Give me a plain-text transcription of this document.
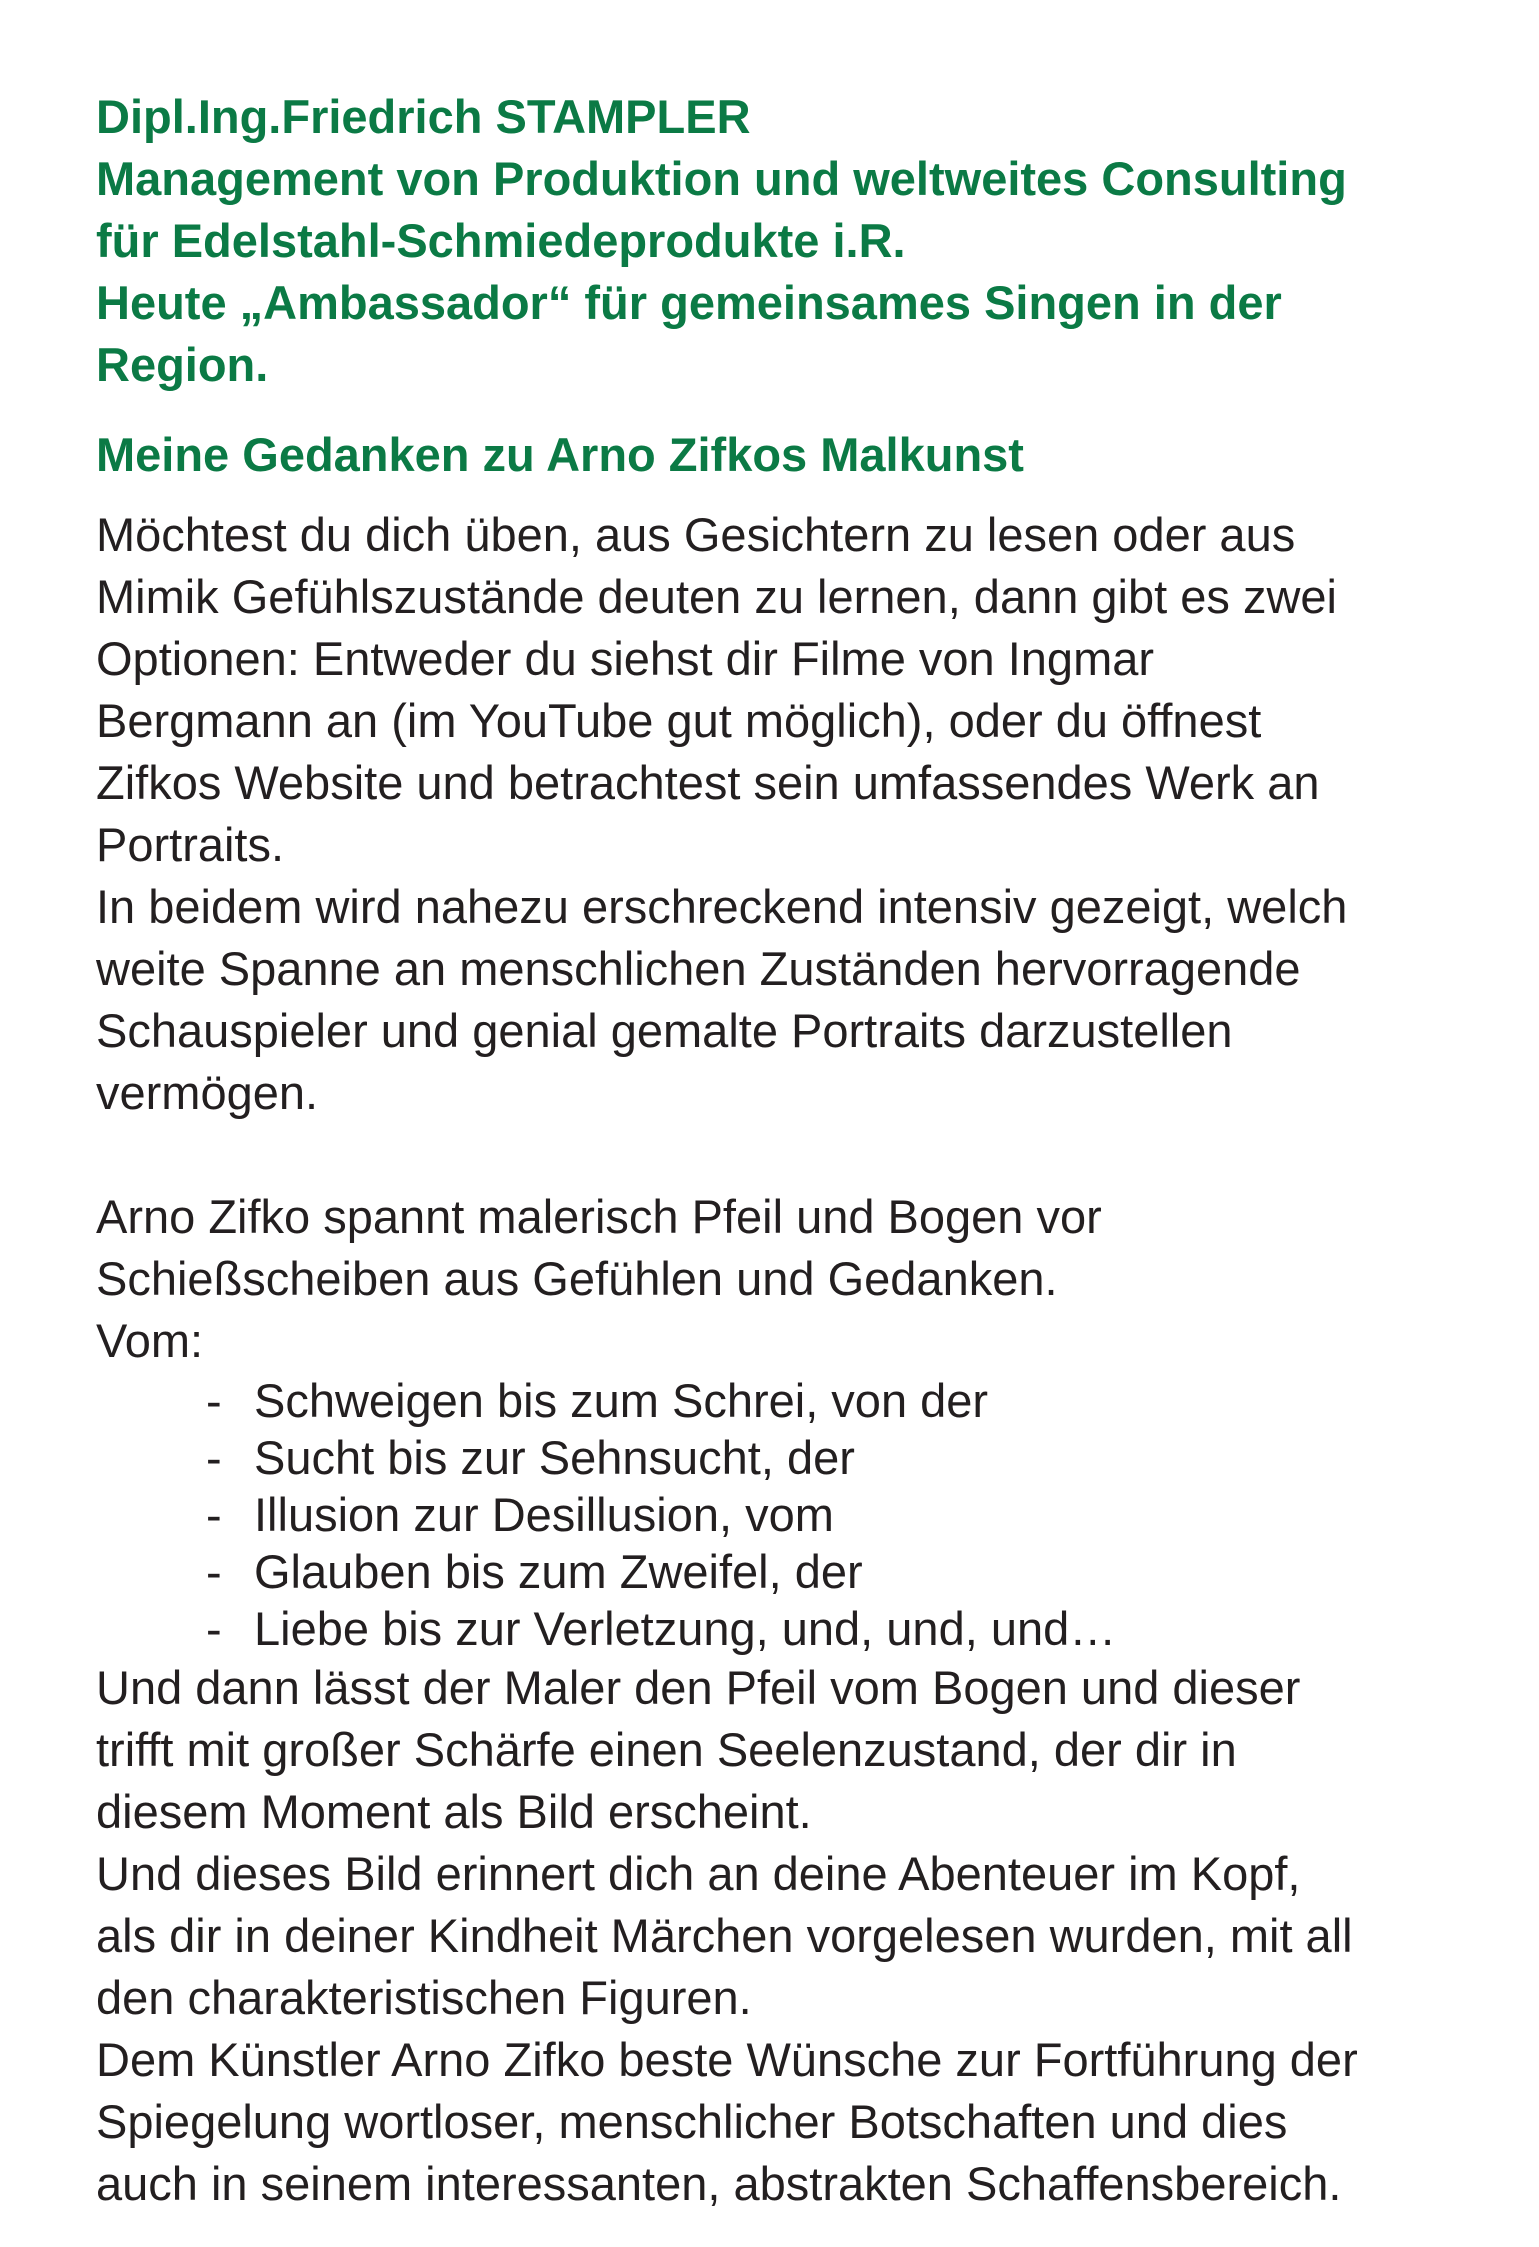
Dipl.Ing.Friedrich STAMPLER
Management von Produktion und weltweites Consulting
für Edelstahl-Schmiedeprodukte i.R.
Heute „Ambassador“ für gemeinsames Singen in der
Region.
Meine Gedanken zu Arno Zifkos Malkunst

Möchtest du dich üben, aus Gesichtern zu lesen oder aus
Mimik Gefühlszustände deuten zu lernen, dann gibt es zwei
Optionen: Entweder du siehst dir Filme von Ingmar
Bergmann an (im YouTube gut möglich), oder du öffnest
Zifkos Website und betrachtest sein umfassendes Werk an
Portraits.

In beidem wird nahezu erschreckend intensiv gezeigt, welch
weite Spanne an menschlichen Zuständen hervorragende
Schauspieler und genial gemalte Portraits darzustellen
vermögen.

Arno Zifko spannt malerisch Pfeil und Bogen vor
Schießscheiben aus Gefühlen und Gedanken.
Vom:

- Schweigen bis zum Schrei, von der
- Sucht bis zur Sehnsucht, der
- Illusion zur Desillusion, vom
- Glauben bis zum Zweifel, der
- Liebe bis zur Verletzung, und, und, und…

Und dann lässt der Maler den Pfeil vom Bogen und dieser
trifft mit großer Schärfe einen Seelenzustand, der dir in
diesem Moment als Bild erscheint.

Und dieses Bild erinnert dich an deine Abenteuer im Kopf,
als dir in deiner Kindheit Märchen vorgelesen wurden, mit all
den charakteristischen Figuren.

Dem Künstler Arno Zifko beste Wünsche zur Fortführung der
Spiegelung wortloser, menschlicher Botschaften und dies
auch in seinem interessanten, abstrakten Schaffensbereich.
